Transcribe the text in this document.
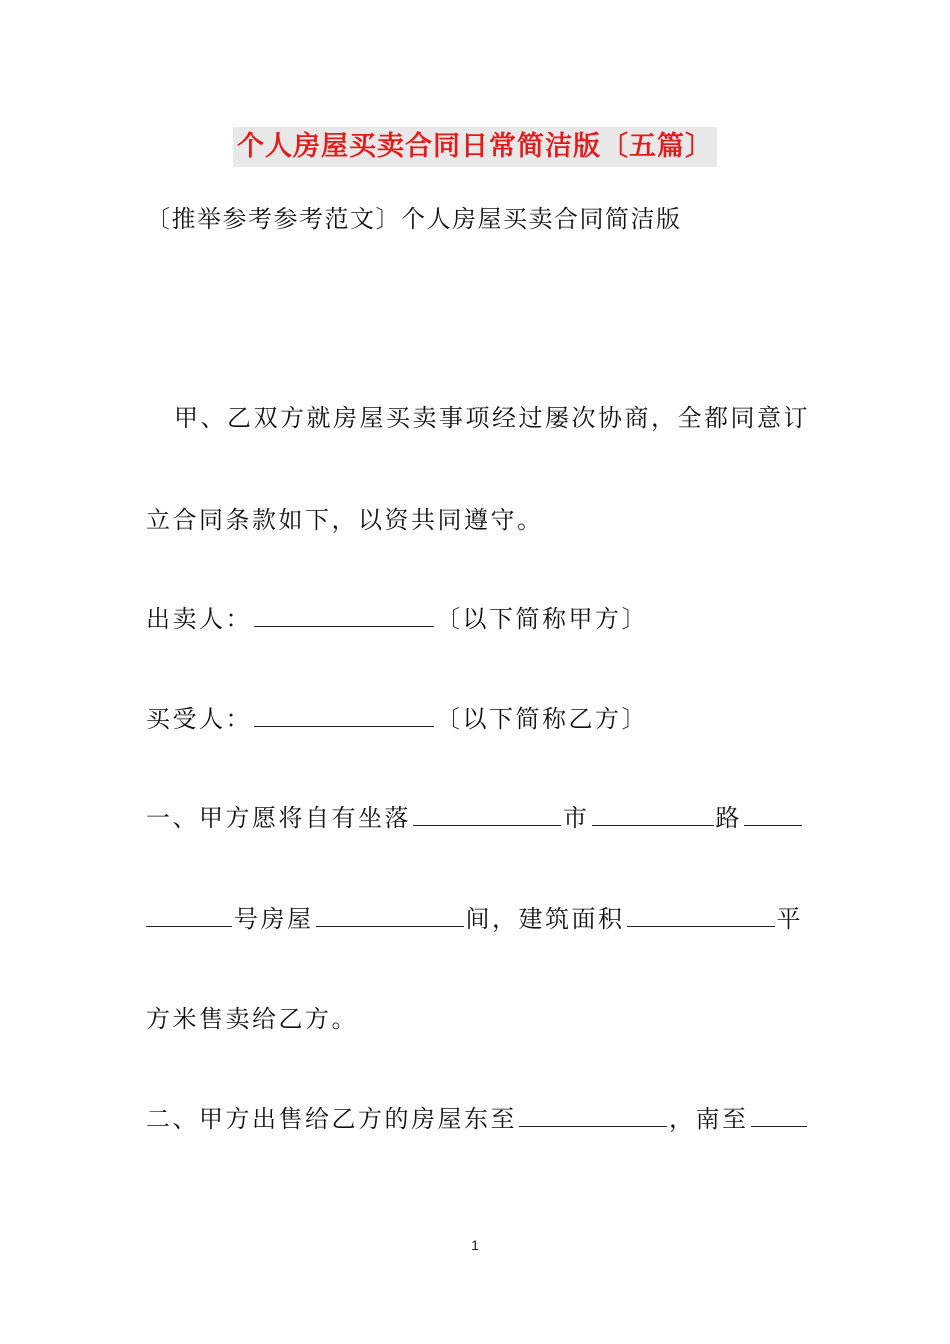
个人房屋买卖合同日常简洁版〔五篇〕
〔推举参考参考范文〕个人房屋买卖合同简洁版
甲、乙双方就房屋买卖事项经过屡次协商，全都同意订
立合同条款如下，以资共同遵守。
出卖人：	〔以下简称甲方〕
买受人：	〔以下简称乙方〕
一、甲方愿将自有坐落	市	路
号房屋	间，建筑面积	平
方米售卖给乙方。
二、甲方出售给乙方的房屋东至	，南至
1
